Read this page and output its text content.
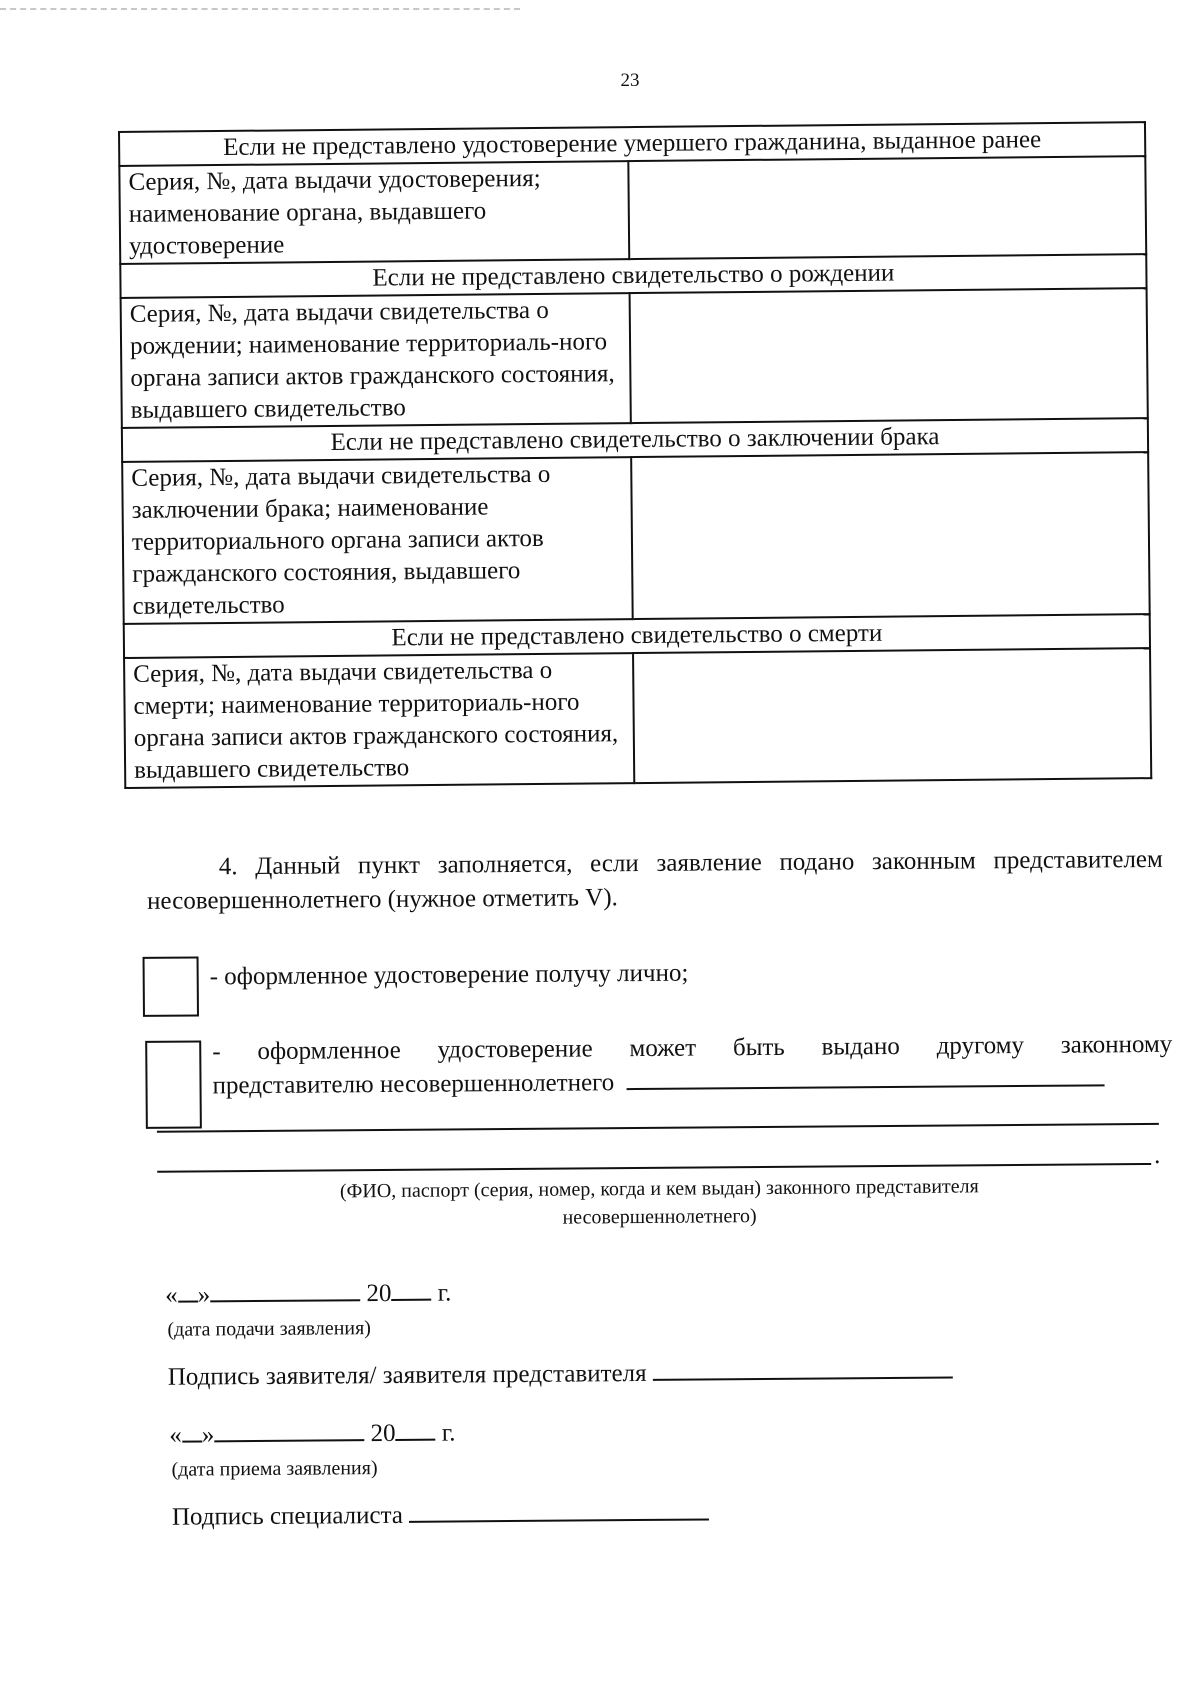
23
Если не представлено удостоверение умершего гражданина, выданное ранее	
Серия, №, дата выдачи удостоверения; наименование органа, выдавшего удостоверение	
Если не представлено свидетельство о рождении	
Серия, №, дата выдачи свидетельства о рождении; наименование территориаль-ного органа записи актов гражданского состояния, выдавшего свидетельство	
Если не представлено свидетельство о заключении брака	
Серия, №, дата выдачи свидетельства о заключении брака; наименование территориального органа записи актов гражданского состояния, выдавшего свидетельство	
Если не представлено свидетельство о смерти	
Серия, №, дата выдачи свидетельства о смерти; наименование территориаль-ного органа записи актов гражданского состояния, выдавшего свидетельство	
4. Данный пункт заполняется, если заявление подано законным представителем несовершеннолетнего (нужное отметить V).
- оформленное удостоверение получу лично;
- оформленное удостоверение может быть выдано другому законному
представителю несовершеннолетнего
.
(ФИО, паспорт (серия, номер, когда и кем выдан) законного представителя
несовершеннолетнего)
« »	20 г.
(дата подачи заявления)
Подпись заявителя/ заявителя представителя
« »	20 г.
(дата приема заявления)
Подпись специалиста
